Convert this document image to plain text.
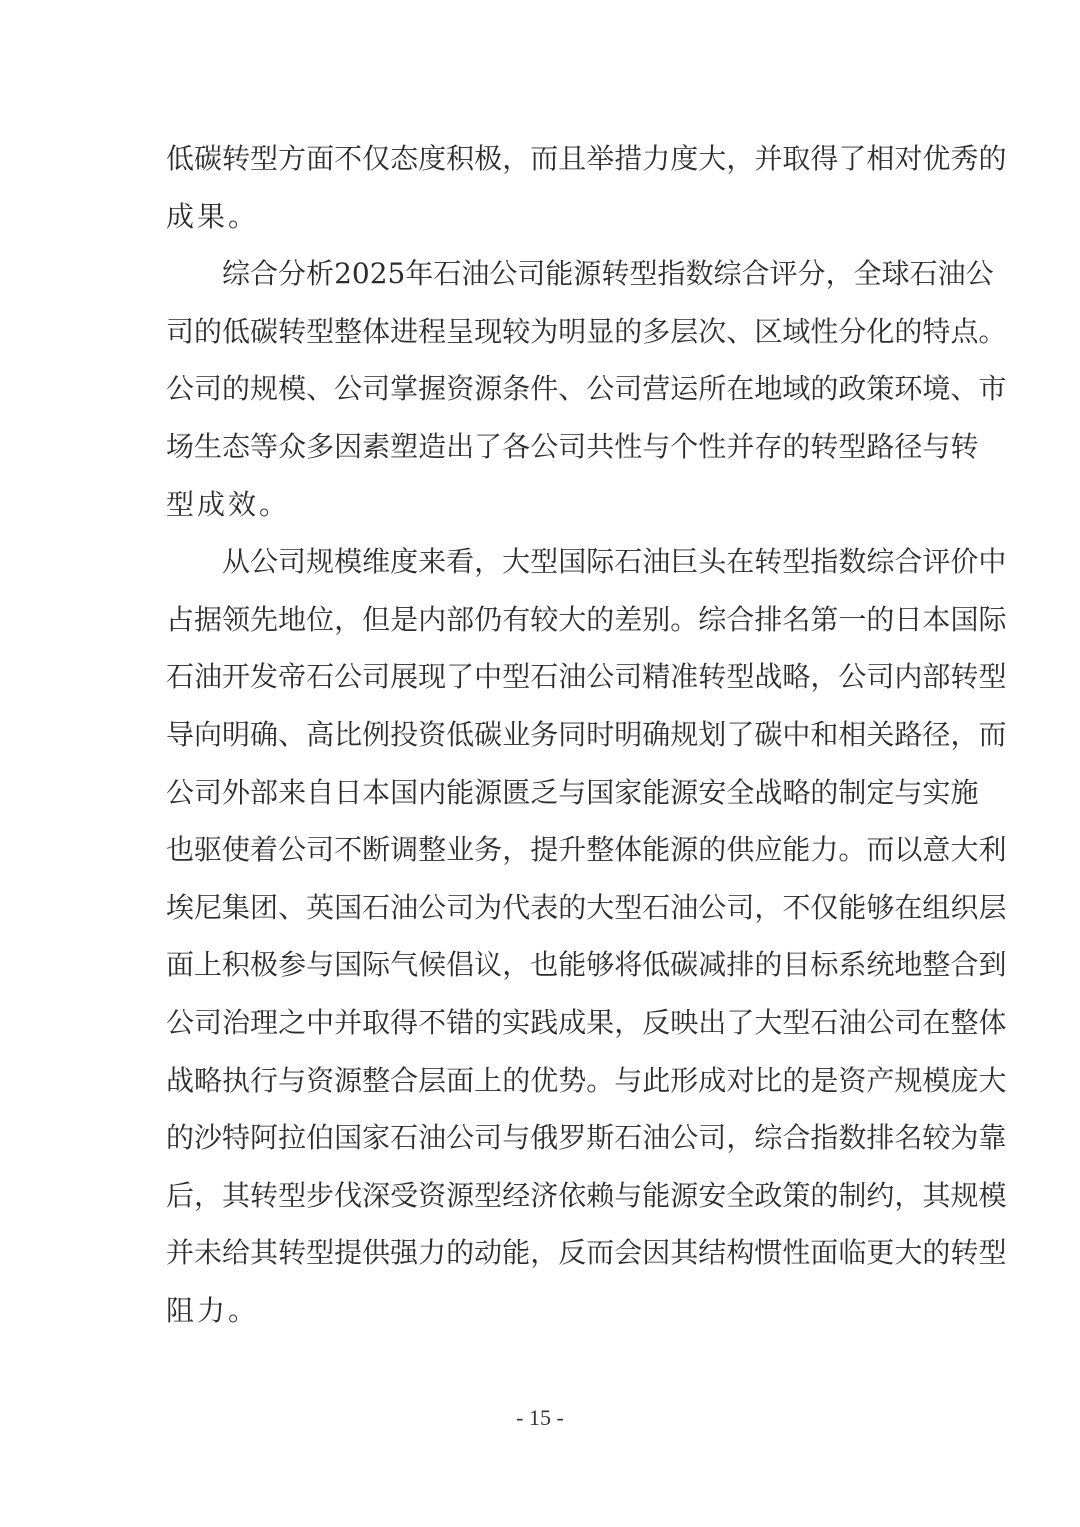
低 碳 转 型 方 面 不 仅 态 度 积 极 ， 而 且 举 措 力 度 大 ， 并 取 得 了 相 对 优 秀 的
成 果 。
综 合 分 析 2025 年 石 油 公 司 能 源 转 型 指 数 综 合 评 分 ， 全 球 石 油 公
司 的 低 碳 转 型 整 体 进 程 呈 现 较 为 明 显 的 多 层 次 、 区 域 性 分 化 的 特 点 。
公 司 的 规 模 、 公 司 掌 握 资 源 条 件 、 公 司 营 运 所 在 地 域 的 政 策 环 境 、 市
场 生 态 等 众 多 因 素 塑 造 出 了 各 公 司 共 性 与 个 性 并 存 的 转 型 路 径 与 转
型 成 效 。
从 公 司 规 模 维 度 来 看 ， 大 型 国 际 石 油 巨 头 在 转 型 指 数 综 合 评 价 中
占 据 领 先 地 位 ， 但 是 内 部 仍 有 较 大 的 差 别 。 综 合 排 名 第 一 的 日 本 国 际
石 油 开 发 帝 石 公 司 展 现 了 中 型 石 油 公 司 精 准 转 型 战 略 ， 公 司 内 部 转 型
导 向 明 确 、 高 比 例 投 资 低 碳 业 务 同 时 明 确 规 划 了 碳 中 和 相 关 路 径 ， 而
公 司 外 部 来 自 日 本 国 内 能 源 匮 乏 与 国 家 能 源 安 全 战 略 的 制 定 与 实 施
也 驱 使 着 公 司 不 断 调 整 业 务 ， 提 升 整 体 能 源 的 供 应 能 力 。 而 以 意 大 利
埃 尼 集 团 、 英 国 石 油 公 司 为 代 表 的 大 型 石 油 公 司 ， 不 仅 能 够 在 组 织 层
面 上 积 极 参 与 国 际 气 候 倡 议 ， 也 能 够 将 低 碳 减 排 的 目 标 系 统 地 整 合 到
公 司 治 理 之 中 并 取 得 不 错 的 实 践 成 果 ， 反 映 出 了 大 型 石 油 公 司 在 整 体
战 略 执 行 与 资 源 整 合 层 面 上 的 优 势 。 与 此 形 成 对 比 的 是 资 产 规 模 庞 大
的 沙 特 阿 拉 伯 国 家 石 油 公 司 与 俄 罗 斯 石 油 公 司 ， 综 合 指 数 排 名 较 为 靠
后 ， 其 转 型 步 伐 深 受 资 源 型 经 济 依 赖 与 能 源 安 全 政 策 的 制 约 ， 其 规 模
并 未 给 其 转 型 提 供 强 力 的 动 能 ， 反 而 会 因 其 结 构 惯 性 面 临 更 大 的 转 型
阻 力 。
- 15 -
